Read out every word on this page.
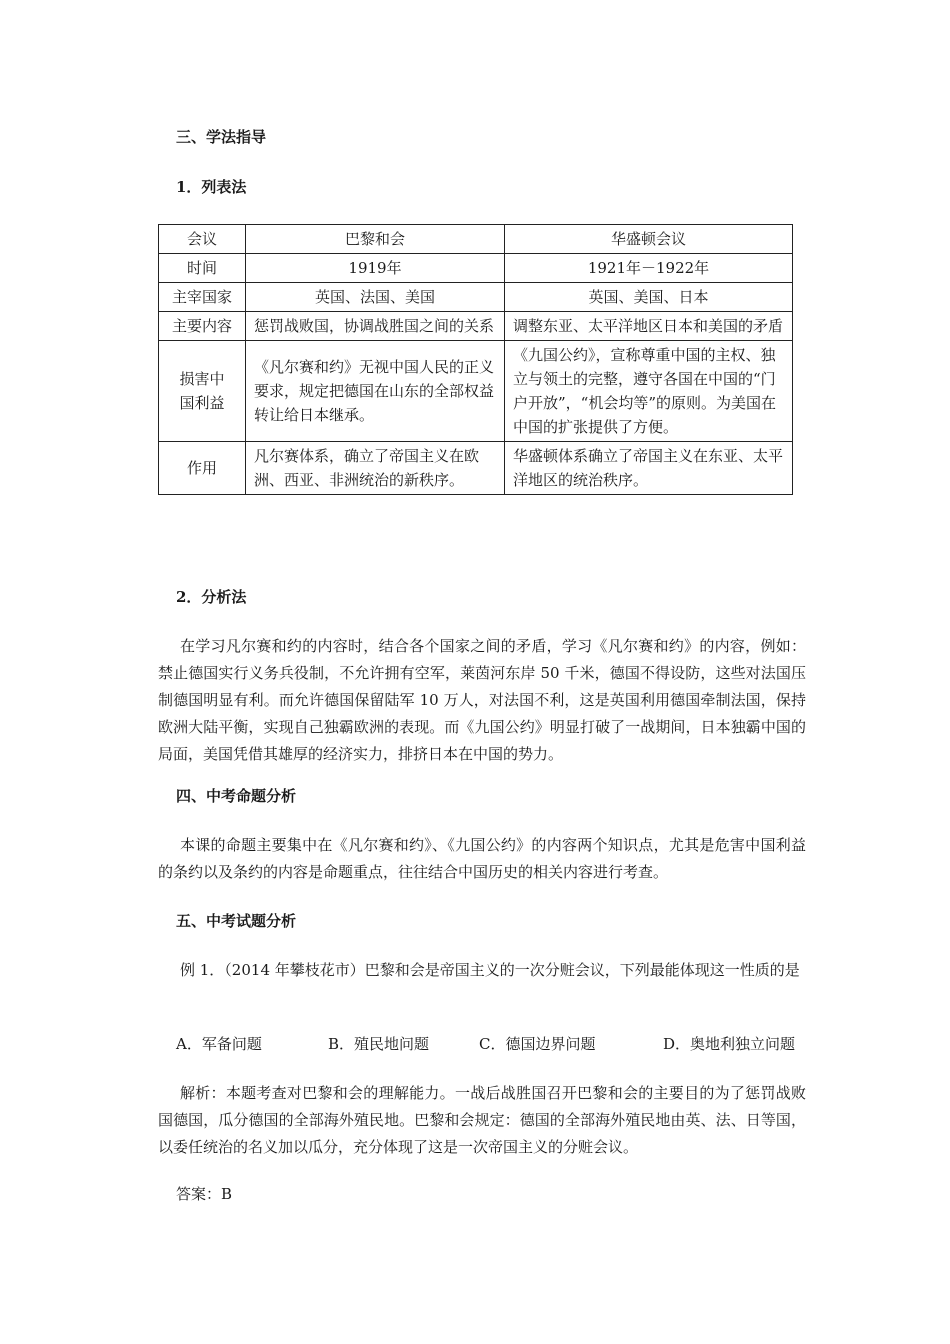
三、学法指导
1．列表法
会议	巴黎和会	华盛顿会议
时间	1919年	1921年－1922年
主宰国家	英国、法国、美国	英国、美国、日本
主要内容	惩罚战败国，协调战胜国之间的关系	调整东亚、太平洋地区日本和美国的矛盾
损害中国利益	《凡尔赛和约》无视中国人民的正义要求，规定把德国在山东的全部权益转让给日本继承。	《九国公约》，宣称尊重中国的主权、独立与领土的完整，遵守各国在中国的“门户开放”，“机会均等”的原则。为美国在中国的扩张提供了方便。
作用	凡尔赛体系，确立了帝国主义在欧洲、西亚、非洲统治的新秩序。	华盛顿体系确立了帝国主义在东亚、太平洋地区的统治秩序。
2．分析法
在学习凡尔赛和约的内容时，结合各个国家之间的矛盾，学习《凡尔赛和约》的内容，例如：禁止德国实行义务兵役制，不允许拥有空军，莱茵河东岸 50 千米，德国不得设防，这些对法国压制德国明显有利。而允许德国保留陆军 10 万人，对法国不利，这是英国利用德国牵制法国，保持欧洲大陆平衡，实现自己独霸欧洲的表现。而《九国公约》明显打破了一战期间，日本独霸中国的局面，美国凭借其雄厚的经济实力，排挤日本在中国的势力。
四、中考命题分析
本课的命题主要集中在《凡尔赛和约》、《九国公约》的内容两个知识点，尤其是危害中国利益的条约以及条约的内容是命题重点，往往结合中国历史的相关内容进行考查。
五、中考试题分析
例 1．（2014 年攀枝花市）巴黎和会是帝国主义的一次分赃会议，下列最能体现这一性质的是
A．军备问题	B．殖民地问题	C．德国边界问题	D．奥地利独立问题
解析：本题考查对巴黎和会的理解能力。一战后战胜国召开巴黎和会的主要目的为了惩罚战败国德国，瓜分德国的全部海外殖民地。巴黎和会规定：德国的全部海外殖民地由英、法、日等国，以委任统治的名义加以瓜分，充分体现了这是一次帝国主义的分赃会议。
答案：B
